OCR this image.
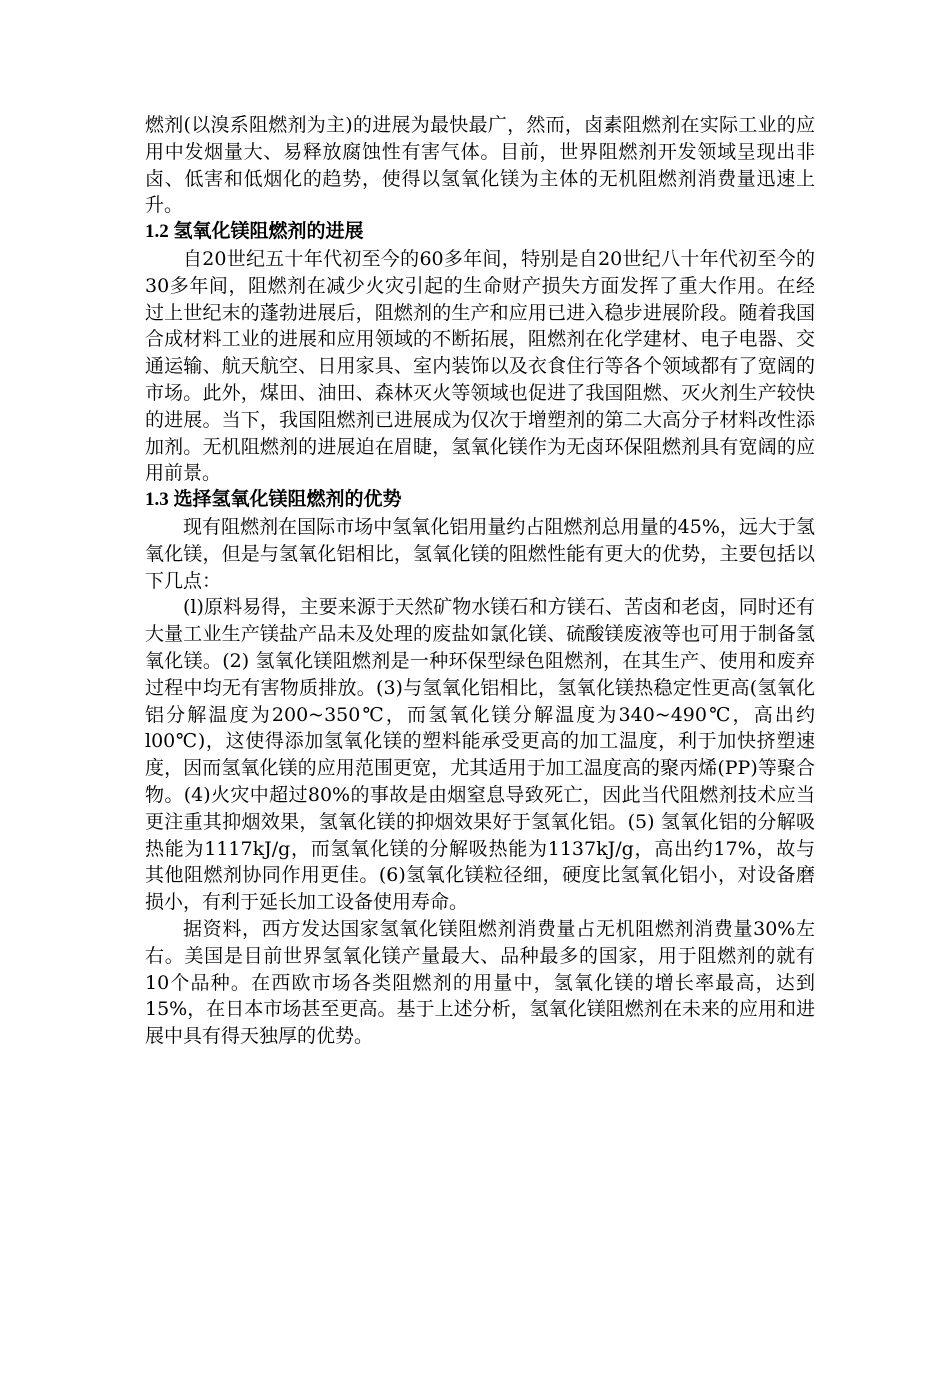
燃剂(以溴系阻燃剂为主)的进展为最快最广，然而，卤素阻燃剂在实际工业的应用中发烟量大、易释放腐蚀性有害气体。目前，世界阻燃剂开发领域呈现出非卤、低害和低烟化的趋势，使得以氢氧化镁为主体的无机阻燃剂消费量迅速上升。

1.2 氢氧化镁阻燃剂的进展

自20世纪五十年代初至今的60多年间，特别是自20世纪八十年代初至今的30多年间，阻燃剂在减少火灾引起的生命财产损失方面发挥了重大作用。在经过上世纪末的蓬勃进展后，阻燃剂的生产和应用已进入稳步进展阶段。随着我国合成材料工业的进展和应用领域的不断拓展，阻燃剂在化学建材、电子电器、交通运输、航天航空、日用家具、室内装饰以及衣食住行等各个领域都有了宽阔的市场。此外，煤田、油田、森林灭火等领域也促进了我国阻燃、灭火剂生产较快的进展。当下，我国阻燃剂已进展成为仅次于增塑剂的第二大高分子材料改性添加剂。无机阻燃剂的进展迫在眉睫，氢氧化镁作为无卤环保阻燃剂具有宽阔的应用前景。

1.3 选择氢氧化镁阻燃剂的优势

现有阻燃剂在国际市场中氢氧化铝用量约占阻燃剂总用量的45%，远大于氢氧化镁，但是与氢氧化铝相比，氢氧化镁的阻燃性能有更大的优势，主要包括以下几点：

(l)原料易得，主要来源于天然矿物水镁石和方镁石、苦卤和老卤，同时还有大量工业生产镁盐产品未及处理的废盐如氯化镁、硫酸镁废液等也可用于制备氢氧化镁。(2) 氢氧化镁阻燃剂是一种环保型绿色阻燃剂，在其生产、使用和废弃过程中均无有害物质排放。(3)与氢氧化铝相比，氢氧化镁热稳定性更高(氢氧化铝分解温度为200~350℃，而氢氧化镁分解温度为340~490℃，高出约l00℃)，这使得添加氢氧化镁的塑料能承受更高的加工温度，利于加快挤塑速度，因而氢氧化镁的应用范围更宽，尤其适用于加工温度高的聚丙烯(PP)等聚合物。(4)火灾中超过80%的事故是由烟窒息导致死亡，因此当代阻燃剂技术应当更注重其抑烟效果，氢氧化镁的抑烟效果好于氢氧化铝。(5) 氢氧化铝的分解吸热能为1117kJ/g，而氢氧化镁的分解吸热能为1137kJ/g，高出约17%，故与其他阻燃剂协同作用更佳。(6)氢氧化镁粒径细，硬度比氢氧化铝小，对设备磨损小，有利于延长加工设备使用寿命。

据资料，西方发达国家氢氧化镁阻燃剂消费量占无机阻燃剂消费量30%左右。美国是目前世界氢氧化镁产量最大、品种最多的国家，用于阻燃剂的就有10个品种。在西欧市场各类阻燃剂的用量中，氢氧化镁的增长率最高，达到15%，在日本市场甚至更高。基于上述分析，氢氧化镁阻燃剂在未来的应用和进展中具有得天独厚的优势。
